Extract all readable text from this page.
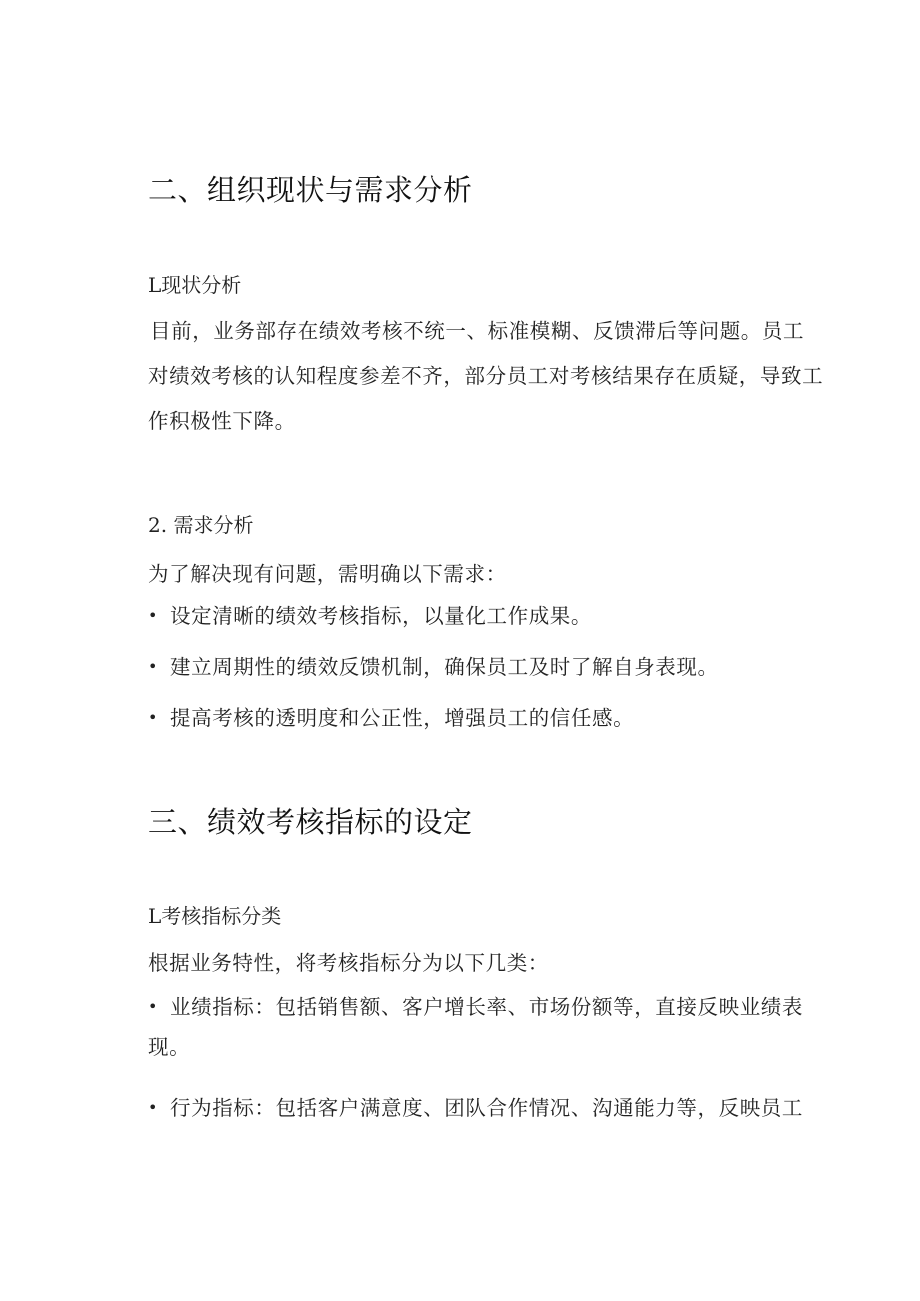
二、组织现状与需求分析
L现状分析
目前，业务部存在绩效考核不统一、标准模糊、反馈滞后等问题。员工对绩效考核的认知程度参差不齐，部分员工对考核结果存在质疑，导致工作积极性下降。
2. 需求分析
为了解决现有问题，需明确以下需求：
• 设定清晰的绩效考核指标，以量化工作成果。
• 建立周期性的绩效反馈机制，确保员工及时了解自身表现。
• 提高考核的透明度和公正性，增强员工的信任感。
三、绩效考核指标的设定
L考核指标分类
根据业务特性，将考核指标分为以下几类：
• 业绩指标：包括销售额、客户增长率、市场份额等，直接反映业绩表现。
• 行为指标：包括客户满意度、团队合作情况、沟通能力等，反映员工
